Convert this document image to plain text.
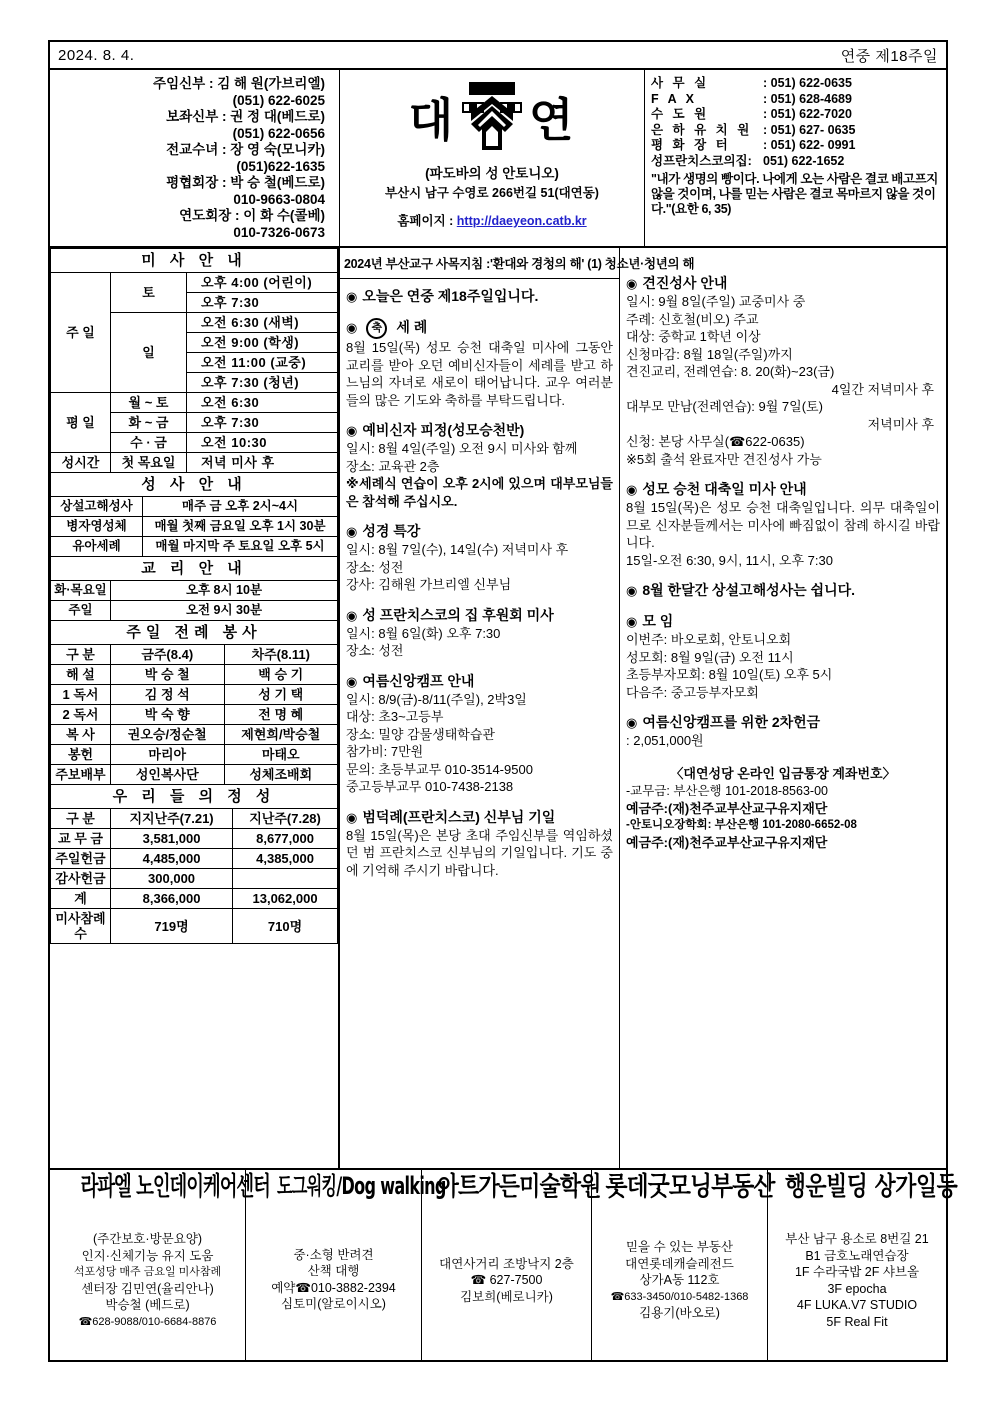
2024. 8. 4.	연중 제18주일
주임신부 : 김 해 원(가브리엘)
(051) 622-6025
보좌신부 : 권 정 대(베드로)
(051) 622-0656
전교수녀 : 장 영 숙(모니카)
(051)622-1635
평협회장 : 박 승 철(베드로)
010-9663-0804
연도회장 : 이 화 수(콜베)
010-7326-0673
대 연
(파도바의 성 안토니오)
부산시 남구 수영로 266번길 51(대연동)
홈페이지 : http://daeyeon.catb.kr
사 무 실	: 051) 622-0635
F A X	: 051) 628-4689
수 도 원	: 051) 622-7020
은 하 유 치 원 : 051) 627- 0635
평 화 장 터	: 051) 622- 0991
성프란치스코의집: 051) 622-1652
"내가 생명의 빵이다. 나에게 오는 사람은 결코 배고프지 않을 것이며, 나를 믿는 사람은 결코 목마르지 않을 것이다."(요한 6, 35)
미 사 안 내		
주 일	토	오후 4:00 (어린이)
		오후 7:30
	일	오전 6:30 (새벽)
		오전 9:00 (학생)
		오전 11:00 (교중)
		오후 7:30 (청년)
평 일	월 ~ 토	오전 6:30
	화 ~ 금	오후 7:30
	수 · 금	오전 10:30
성시간	첫 목요일	저녁 미사 후
성 사 안 내	
상설고해성사	매주 금 오후 2시~4시
병자영성체	매월 첫째 금요일 오후 1시 30분
유아세례	매월 마지막 주 토요일 오후 5시
교 리 안 내	
화·목요일	오후 8시 10분
주일	오전 9시 30분
주일 전례 봉사		
구 분	금주(8.4)	차주(8.11)
해 설	박 승 철	백 승 기
1 독서	김 정 석	성 기 택
2 독서	박 숙 향	전 명 혜
복 사	권오승/정순철	제현희/박승철
봉헌	마리아	마태오
주보배부	성인복사단	성체조배회
우 리 들 의 정 성		
구 분	지지난주(7.21)	지난주(7.28)
교 무 금	3,581,000	8,677,000
주일헌금	4,485,000	4,385,000
감사헌금	300,000	
계	8,366,000	13,062,000
미사참례수	719명	710명
2024년 부산교구 사목지침 :'환대와 경청의 해' (1) 청소년·청년의 해
◉
오늘은 연중 제18주일입니다.
◉
축	세 례
8월 15일(목) 성모 승천 대축일 미사에 그동안 교리를 받아 오던 예비신자들이 세례를 받고 하느님의 자녀로 새로이 태어납니다. 교우 여러분들의 많은 기도와 축하를 부탁드립니다.
◉
예비신자 피정(성모승천반)
일시: 8월 4일(주일) 오전 9시 미사와 함께
장소: 교육관 2층
※세례식 연습이 오후 2시에 있으며 대부모님들은 참석해 주십시오.
◉
성경 특강
일시: 8월 7일(수), 14일(수) 저녁미사 후
장소: 성전
강사: 김해원 가브리엘 신부님
◉
성 프란치스코의 집 후원회 미사
일시: 8월 6일(화) 오후 7:30
장소: 성전
◉
여름신앙캠프 안내
일시: 8/9(금)-8/11(주일), 2박3일
대상: 초3~고등부
장소: 밀양 감물생태학습관
참가비: 7만원
문의: 초등부교무 010-3514-9500
중고등부교무 010-7438-2138
◉
범덕례(프란치스코) 신부님 기일
8월 15일(목)은 본당 초대 주임신부를 역임하셨던 범 프란치스코 신부님의 기일입니다. 기도 중에 기억해 주시기 바랍니다.
◉
견진성사 안내
일시: 9월 8일(주일) 교중미사 중
주례: 신호철(비오) 주교
대상: 중학교 1학년 이상
신청마감: 8월 18일(주일)까지
견진교리, 전례연습: 8. 20(화)~23(금)
4일간 저녁미사 후
대부모 만남(전례연습): 9월 7일(토)
저녁미사 후
신청: 본당 사무실(☎622-0635)
※5회 출석 완료자만 견진성사 가능
◉
성모 승천 대축일 미사 안내
8월 15일(목)은 성모 승천 대축일입니다. 의무 대축일이므로 신자분들께서는 미사에 빠짐없이 참례 하시길 바랍니다.
15일-오전 6:30, 9시, 11시, 오후 7:30
◉
8월 한달간 상설고해성사는 쉽니다.
◉
모 임
이번주: 바오로회, 안토니오회
성모회: 8월 9일(금) 오전 11시
초등부자모회: 8월 10일(토) 오후 5시
다음주: 중고등부자모회
◉
여름신앙캠프를 위한 2차헌금
: 2,051,000원
〈대연성당 온라인 입금통장 계좌번호〉
-교무금: 부산은행 101-2018-8563-00
예금주:(재)천주교부산교구유지재단
-안토니오장학회: 부산은행 101-2080-6652-08
예금주:(재)천주교부산교구유지재단
라파엘 노인데이케어센터
(주간보호·방문요양)
인지·신체기능 유지 도움
석포성당 매주 금요일 미사참례
센터장 김민연(율리안나)
박승철 (베드로)
☎628-9088/010-6684-8876
도그워킹/Dog walking
중·소형 반려견
산책 대행
예약☎010-3882-2394
심토미(알로이시오)
아트가든미술학원
대연사거리 조방낙지 2층
☎ 627-7500
김보희(베로니카)
롯데굿모닝부동산
믿을 수 있는 부동산
대연롯데캐슬레전드
상가A동 112호
☎633-3450/010-5482-1368
김용기(바오로)
행운빌딩 상가일동
부산 남구 용소로 8번길 21
B1 금호노래연습장
1F 수라국밥 2F 샤브올
3F epocha
4F LUKA.V7 STUDIO
5F Real Fit
